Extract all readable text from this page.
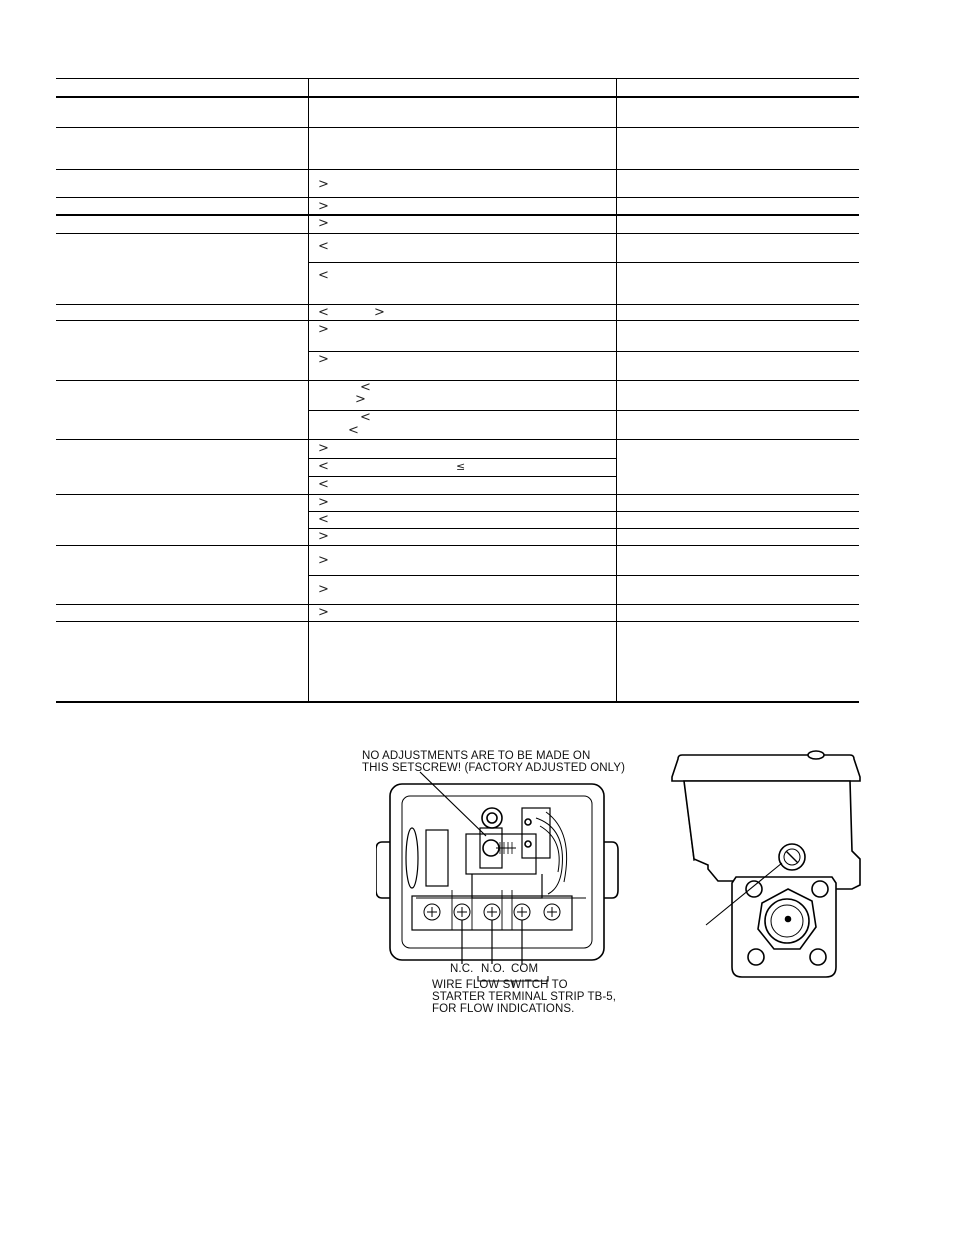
>
>
>
<
<
<	>
>
>
<
>
<
<
>
<	≤
<
>
<
>
>
>
>
NO ADJUSTMENTS ARE TO BE MADE ON
THIS SETSCREW! (FACTORY ADJUSTED ONLY)
N.C. N.O. COM
WIRE FLOW SWITCH TO
STARTER TERMINAL STRIP TB-5,
FOR FLOW INDICATIONS.
